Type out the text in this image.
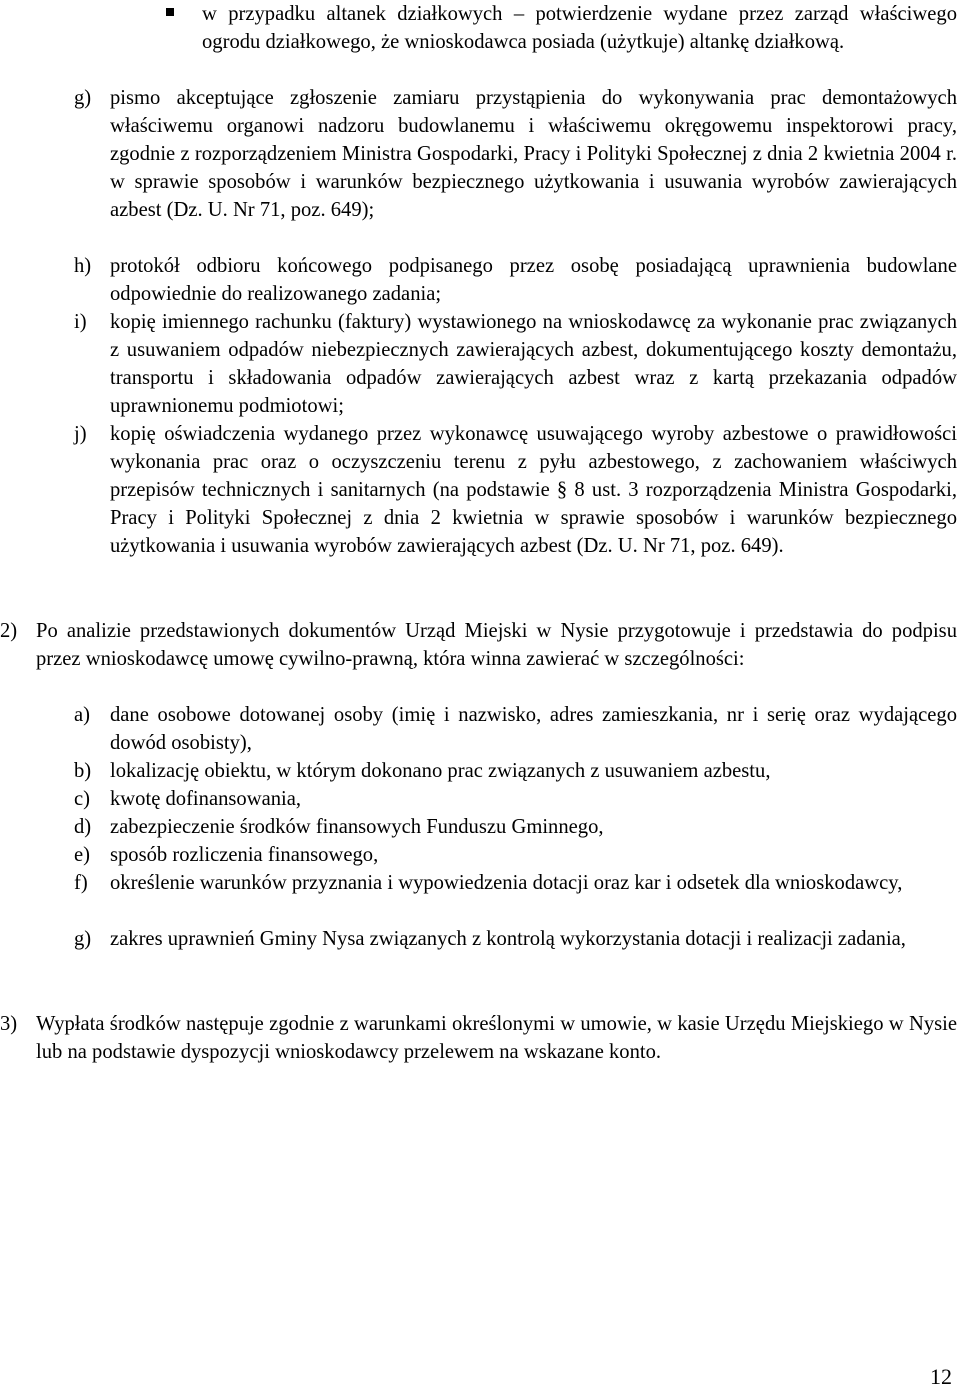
w przypadku altanek działkowych – potwierdzenie wydane przez zarząd właściwego ogrodu działkowego, że wnioskodawca posiada (użytkuje) altankę działkową.
g) pismo akceptujące zgłoszenie zamiaru przystąpienia do wykonywania prac demontażowych właściwemu organowi nadzoru budowlanemu i właściwemu okręgowemu inspektorowi pracy, zgodnie z rozporządzeniem Ministra Gospodarki, Pracy i Polityki Społecznej z dnia 2 kwietnia 2004 r. w sprawie sposobów i warunków bezpiecznego użytkowania i usuwania wyrobów zawierających azbest (Dz. U. Nr 71, poz. 649);
h) protokół odbioru końcowego podpisanego przez osobę posiadającą uprawnienia budowlane odpowiednie do realizowanego zadania;
i) kopię imiennego rachunku (faktury) wystawionego na wnioskodawcę za wykonanie prac związanych z usuwaniem odpadów niebezpiecznych zawierających azbest, dokumentującego koszty demontażu, transportu i składowania odpadów zawierających azbest wraz z kartą przekazania odpadów uprawnionemu podmiotowi;
j) kopię oświadczenia wydanego przez wykonawcę usuwającego wyroby azbestowe o prawidłowości wykonania prac oraz o oczyszczeniu terenu z pyłu azbestowego, z zachowaniem właściwych przepisów technicznych i sanitarnych (na podstawie § 8 ust. 3 rozporządzenia Ministra Gospodarki, Pracy i Polityki Społecznej z dnia 2 kwietnia w sprawie sposobów i warunków bezpiecznego użytkowania i usuwania wyrobów zawierających azbest (Dz. U. Nr 71, poz. 649).
2) Po analizie przedstawionych dokumentów Urząd Miejski w Nysie przygotowuje i przedstawia do podpisu przez wnioskodawcę umowę cywilno-prawną, która winna zawierać w szczególności:
a) dane osobowe dotowanej osoby (imię i nazwisko, adres zamieszkania, nr i serię oraz wydającego dowód osobisty),
b) lokalizację obiektu, w którym dokonano prac związanych z usuwaniem azbestu,
c) kwotę dofinansowania,
d) zabezpieczenie środków finansowych Funduszu Gminnego,
e) sposób rozliczenia finansowego,
f) określenie warunków przyznania i wypowiedzenia dotacji oraz kar i odsetek dla wnioskodawcy,
g) zakres uprawnień Gminy Nysa związanych z kontrolą wykorzystania dotacji i realizacji zadania,
3) Wypłata środków następuje zgodnie z warunkami określonymi w umowie, w kasie Urzędu Miejskiego w Nysie lub na podstawie dyspozycji wnioskodawcy przelewem na wskazane konto.
12
